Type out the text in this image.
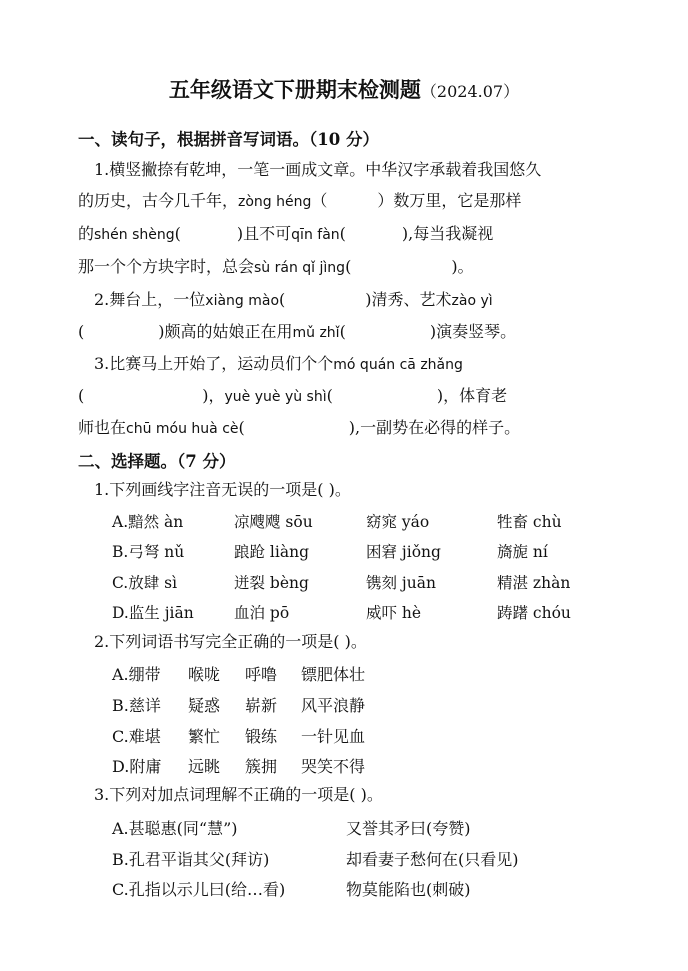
五年级语文下册期末检测题（2024.07）
一、读句子，根据拼音写词语。（10 分）
1.横竖撇捺有乾坤，一笔一画成文章。中华汉字承载着我国悠久
的历史，古今几千年，zòng héng（	）数万里，它是那样
的shén shèng(	)且不可qīn fàn(	),每当我凝视
那一个个方块字时，总会sù rán qǐ jìng(	)。
2.舞台上，一位xiàng mào(	)清秀、艺术zào yì
(	)颇高的姑娘正在用mǔ zhǐ(	)演奏竖琴。
3.比赛马上开始了，运动员们个个mó quán cā zhǎng
(	)，yuè yuè yù shì(	)，体育老
师也在chū móu huà cè(	),一副势在必得的样子。
二、选择题。（7 分）
1.下列画线字注音无误的一项是( )。
A.黯然 àn	凉飕飕 sōu	窈窕 yáo	牲畜 chù
B.弓弩 nǔ	踉跄 liàng	困窘 jiǒng	旖旎 ní
C.放肆 sì	迸裂 bèng	镌刻 juān	精湛 zhàn
D.监生 jiān	血泊 pō	威吓 hè	踌躇 chóu
2.下列词语书写完全正确的一项是( )。
A.绷带 喉咙 呼噜 镖肥体壮
B.慈详 疑惑 崭新 风平浪静
C.难堪 繁忙 锻练 一针见血
D.附庸 远眺 簇拥 哭笑不得
3.下列对加点词理解不正确的一项是( )。
A.甚聪惠(同“慧”)	又誉其矛曰(夸赞)
B.孔君平诣其父(拜访)	却看妻子愁何在(只看见)
C.孔指以示儿曰(给…看)	物莫能陷也(刺破)
